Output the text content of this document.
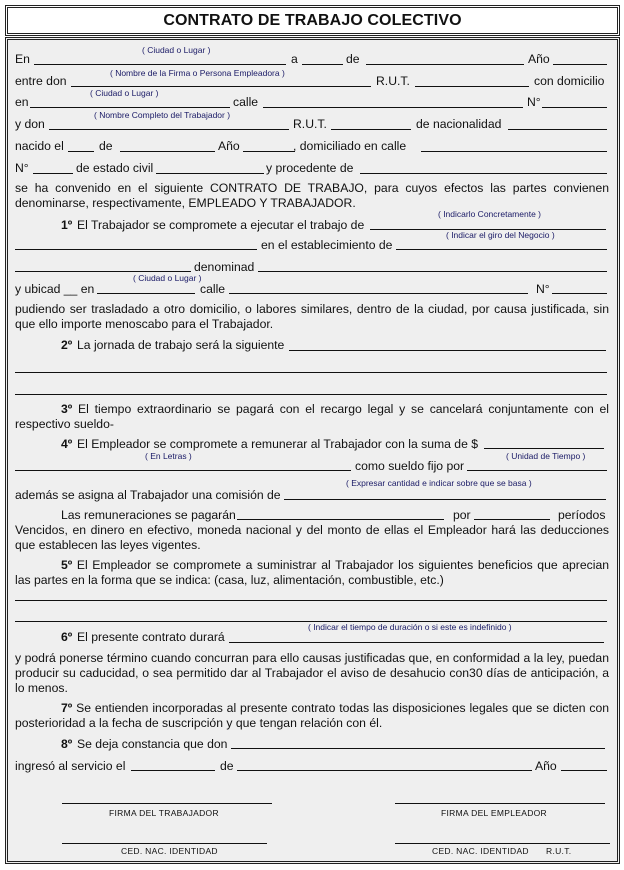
CONTRATO DE TRABAJO COLECTIVO
( Ciudad o Lugar )
En	a	de	Año
( Nombre de la Firma o Persona Empleadora )
entre don	R.U.T.	con domicilio
( Ciudad o Lugar )
en	calle	N°
( Nombre Completo del Trabajador )
y don	R.U.T.	de nacionalidad
nacido el	de	Año	, domiciliado en calle
N°	de estado civil	y procedente de
se ha convenido en el siguiente CONTRATO DE TRABAJO, para cuyos efectos las partes convienen denominarse, respectivamente, EMPLEADO Y TRABAJADOR.
( Indicarlo Concretamente )
1º El Trabajador se compromete a ejecutar el trabajo de
( Indicar el giro del Negocio )
en el establecimiento de
denominad
( Ciudad o Lugar )
y ubicad __ en	calle	N°
pudiendo ser trasladado a otro domicilio, o labores similares, dentro de la ciudad, por causa justificada, sin que ello importe menoscabo para el Trabajador.
2º La jornada de trabajo será la siguiente
3º El tiempo extraordinario se pagará con el recargo legal y se cancelará conjuntamente con el respectivo sueldo-
4º El Empleador se compromete a remunerar al Trabajador con la suma de $
( En Letras )	( Unidad de Tiempo )
como sueldo fijo por
( Expresar cantidad e indicar sobre que se basa )
además se asigna al Trabajador una comisión de
Las remuneraciones se pagarán	por	períodos
Vencidos, en dinero en efectivo, moneda nacional y del monto de ellas el Empleador hará las deducciones que establecen las leyes vigentes.
5º El Empleador se compromete a suministrar al Trabajador los siguientes beneficios que aprecian las partes en la forma que se indica: (casa, luz, alimentación, combustible, etc.)
( Indicar el tiempo de duración o si este es indefinido )
6º El presente contrato durará
y podrá ponerse término cuando concurran para ello causas justificadas que, en conformidad a la ley, puedan producir su caducidad, o sea permitido dar al Trabajador el aviso de desahucio con30 días de anticipación, a lo menos.
7º Se entienden incorporadas al presente contrato todas las disposiciones legales que se dicten con posterioridad a la fecha de suscripción y que tengan relación con él.
8º Se deja constancia que don
ingresó al servicio el	de	Año
FIRMA DEL TRABAJADOR	FIRMA DEL EMPLEADOR
CED. NAC. IDENTIDAD	CED. NAC. IDENTIDAD R.U.T.
